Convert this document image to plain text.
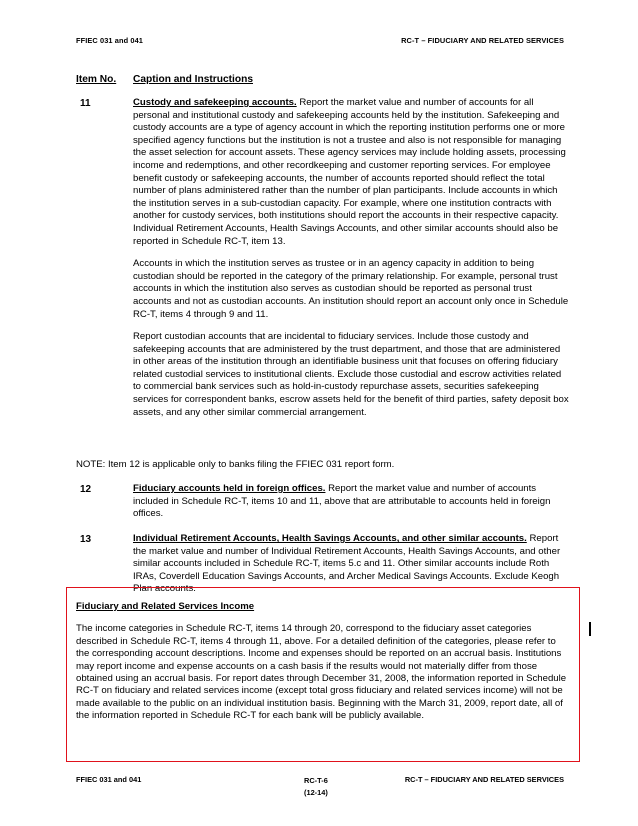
FFIEC 031 and 041	RC-T – FIDUCIARY AND RELATED SERVICES
Item No. Caption and Instructions
11	Custody and safekeeping accounts. Report the market value and number of accounts for all personal and institutional custody and safekeeping accounts held by the institution. Safekeeping and custody accounts are a type of agency account in which the reporting institution performs one or more specified agency functions but the institution is not a trustee and also is not responsible for managing the asset selection for account assets. These agency services may include holding assets, processing income and redemptions, and other recordkeeping and customer reporting services. For employee benefit custody or safekeeping accounts, the number of accounts reported should reflect the total number of plans administered rather than the number of plan participants. Include accounts in which the institution serves in a sub-custodian capacity. For example, where one institution contracts with another for custody services, both institutions should report the accounts in their respective capacity. Individual Retirement Accounts, Health Savings Accounts, and other similar accounts should also be reported in Schedule RC-T, item 13.

Accounts in which the institution serves as trustee or in an agency capacity in addition to being custodian should be reported in the category of the primary relationship. For example, personal trust accounts in which the institution also serves as custodian should be reported as personal trust accounts and not as custodian accounts. An institution should report an account only once in Schedule RC-T, items 4 through 9 and 11.

Report custodian accounts that are incidental to fiduciary services. Include those custody and safekeeping accounts that are administered by the trust department, and those that are administered in other areas of the institution through an identifiable business unit that focuses on offering fiduciary related custodial services to institutional clients. Exclude those custodial and escrow activities related to commercial bank services such as hold-in-custody repurchase assets, securities safekeeping services for correspondent banks, escrow assets held for the benefit of third parties, safety deposit box assets, and any other similar commercial arrangement.

NOTE: Item 12 is applicable only to banks filing the FFIEC 031 report form.
12	Fiduciary accounts held in foreign offices. Report the market value and number of accounts included in Schedule RC-T, items 10 and 11, above that are attributable to accounts held in foreign offices.

13	Individual Retirement Accounts, Health Savings Accounts, and other similar accounts. Report the market value and number of Individual Retirement Accounts, Health Savings Accounts, and other similar accounts included in Schedule RC-T, items 5.c and 11. Other similar accounts include Roth IRAs, Coverdell Education Savings Accounts, and Archer Medical Savings Accounts. Exclude Keogh Plan accounts.

Fiduciary and Related Services Income

The income categories in Schedule RC-T, items 14 through 20, correspond to the fiduciary asset categories described in Schedule RC-T, items 4 through 11, above. For a detailed definition of the categories, please refer to the corresponding account descriptions. Income and expenses should be reported on an accrual basis. Institutions may report income and expense accounts on a cash basis if the results would not materially differ from those obtained using an accrual basis. For report dates through December 31, 2008, the information reported in Schedule RC-T on fiduciary and related services income (except total gross fiduciary and related services income) will not be made available to the public on an individual institution basis. Beginning with the March 31, 2009, report date, all of the information reported in Schedule RC-T for each bank will be publicly available.

FFIEC 031 and 041	RC-T-6
(12-14)
RC-T – FIDUCIARY AND RELATED SERVICES
